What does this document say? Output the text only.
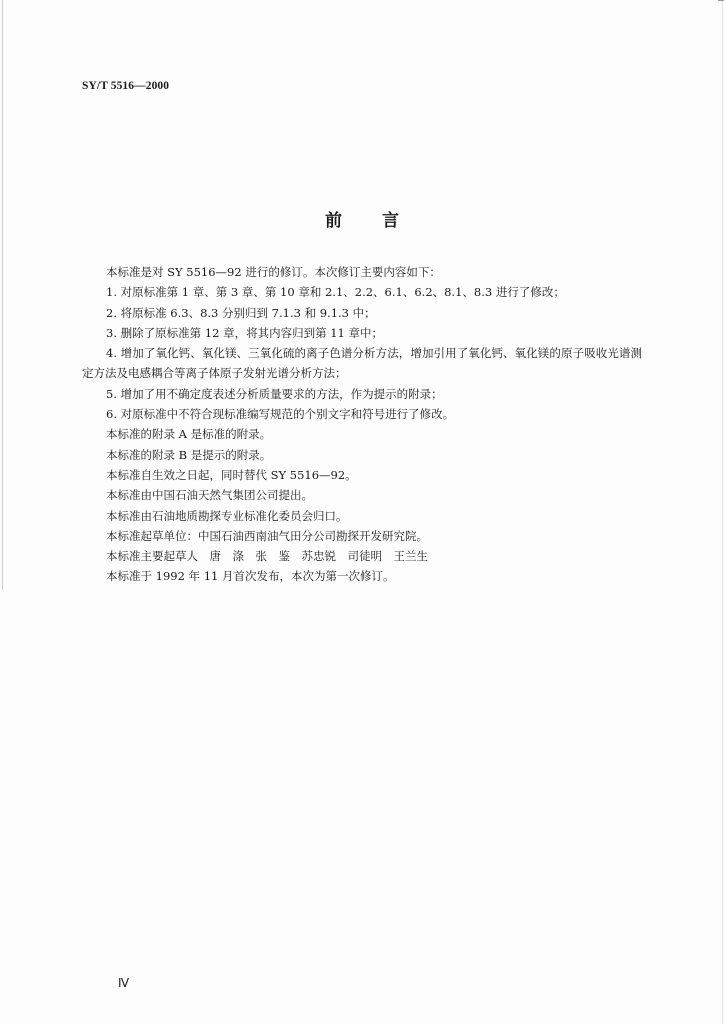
SY/T 5516—2000
前言

本标准是对 SY 5516—92 进行的修订。本次修订主要内容如下：

1. 对原标准第 1 章、第 3 章、第 10 章和 2.1、2.2、6.1、6.2、8.1、8.3 进行了修改；

2. 将原标准 6.3、8.3 分别归到 7.1.3 和 9.1.3 中；

3. 删除了原标准第 12 章，将其内容归到第 11 章中；

4. 增加了氧化钙、氧化镁、三氧化硫的离子色谱分析方法，增加引用了氧化钙、氧化镁的原子吸收光谱测定方法及电感耦合等离子体原子发射光谱分析方法；

5. 增加了用不确定度表述分析质量要求的方法，作为提示的附录；

6. 对原标准中不符合现标准编写规范的个别文字和符号进行了修改。

本标准的附录 A 是标准的附录。

本标准的附录 B 是提示的附录。

本标准自生效之日起，同时替代 SY 5516—92。

本标准由中国石油天然气集团公司提出。

本标准由石油地质勘探专业标准化委员会归口。

本标准起草单位：中国石油西南油气田分公司勘探开发研究院。

本标准主要起草人　唐　涤　张　鉴　苏忠锐　司徒明　王兰生

本标准于 1992 年 11 月首次发布，本次为第一次修订。

Ⅳ
